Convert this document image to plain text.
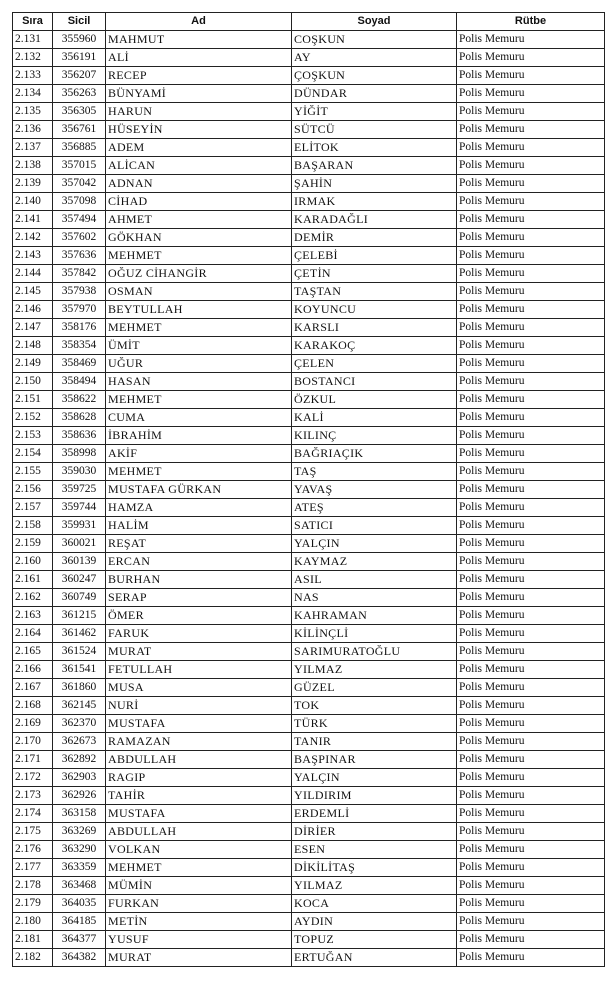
Sıra	Sicil	Ad	Soyad	Rütbe
2.131	355960	MAHMUT	COŞKUN	Polis Memuru
2.132	356191	ALİ	AY	Polis Memuru
2.133	356207	RECEP	ÇOŞKUN	Polis Memuru
2.134	356263	BÜNYAMİ	DÜNDAR	Polis Memuru
2.135	356305	HARUN	YİĞİT	Polis Memuru
2.136	356761	HÜSEYİN	SÜTCÜ	Polis Memuru
2.137	356885	ADEM	ELİTOK	Polis Memuru
2.138	357015	ALİCAN	BAŞARAN	Polis Memuru
2.139	357042	ADNAN	ŞAHİN	Polis Memuru
2.140	357098	CİHAD	IRMAK	Polis Memuru
2.141	357494	AHMET	KARADAĞLI	Polis Memuru
2.142	357602	GÖKHAN	DEMİR	Polis Memuru
2.143	357636	MEHMET	ÇELEBİ	Polis Memuru
2.144	357842	OĞUZ CİHANGİR	ÇETİN	Polis Memuru
2.145	357938	OSMAN	TAŞTAN	Polis Memuru
2.146	357970	BEYTULLAH	KOYUNCU	Polis Memuru
2.147	358176	MEHMET	KARSLI	Polis Memuru
2.148	358354	ÜMİT	KARAKOÇ	Polis Memuru
2.149	358469	UĞUR	ÇELEN	Polis Memuru
2.150	358494	HASAN	BOSTANCI	Polis Memuru
2.151	358622	MEHMET	ÖZKUL	Polis Memuru
2.152	358628	CUMA	KALİ	Polis Memuru
2.153	358636	İBRAHİM	KILINÇ	Polis Memuru
2.154	358998	AKİF	BAĞRIAÇIK	Polis Memuru
2.155	359030	MEHMET	TAŞ	Polis Memuru
2.156	359725	MUSTAFA GÜRKAN	YAVAŞ	Polis Memuru
2.157	359744	HAMZA	ATEŞ	Polis Memuru
2.158	359931	HALİM	SATICI	Polis Memuru
2.159	360021	REŞAT	YALÇIN	Polis Memuru
2.160	360139	ERCAN	KAYMAZ	Polis Memuru
2.161	360247	BURHAN	ASIL	Polis Memuru
2.162	360749	SERAP	NAS	Polis Memuru
2.163	361215	ÖMER	KAHRAMAN	Polis Memuru
2.164	361462	FARUK	KİLİNÇLİ	Polis Memuru
2.165	361524	MURAT	SARIMURATOĞLU	Polis Memuru
2.166	361541	FETULLAH	YILMAZ	Polis Memuru
2.167	361860	MUSA	GÜZEL	Polis Memuru
2.168	362145	NURİ	TOK	Polis Memuru
2.169	362370	MUSTAFA	TÜRK	Polis Memuru
2.170	362673	RAMAZAN	TANIR	Polis Memuru
2.171	362892	ABDULLAH	BAŞPINAR	Polis Memuru
2.172	362903	RAGIP	YALÇIN	Polis Memuru
2.173	362926	TAHİR	YILDIRIM	Polis Memuru
2.174	363158	MUSTAFA	ERDEMLİ	Polis Memuru
2.175	363269	ABDULLAH	DİRİER	Polis Memuru
2.176	363290	VOLKAN	ESEN	Polis Memuru
2.177	363359	MEHMET	DİKİLİTAŞ	Polis Memuru
2.178	363468	MÜMİN	YILMAZ	Polis Memuru
2.179	364035	FURKAN	KOCA	Polis Memuru
2.180	364185	METİN	AYDIN	Polis Memuru
2.181	364377	YUSUF	TOPUZ	Polis Memuru
2.182	364382	MURAT	ERTUĞAN	Polis Memuru
